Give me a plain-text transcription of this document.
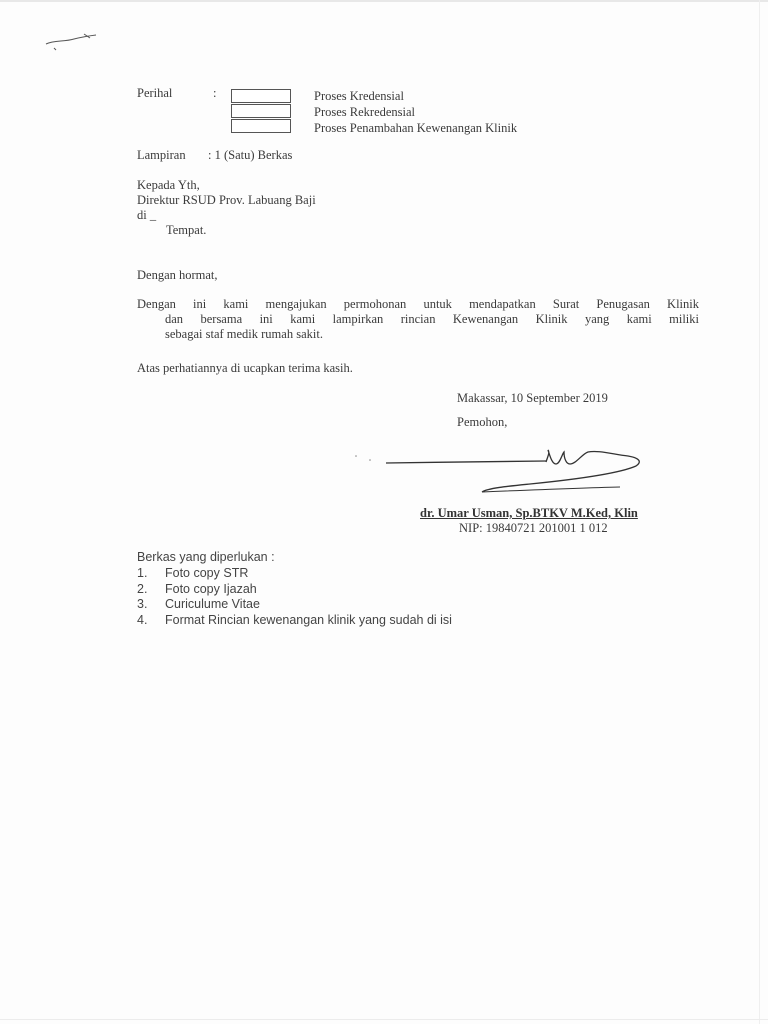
Perihal	:	Proses Kredensial
Proses Rekredensial
Proses Penambahan Kewenangan Klinik
Lampiran : 1 (Satu) Berkas
Kepada Yth,
Direktur RSUD Prov. Labuang Baji
di _
Tempat.
Dengan hormat,
Dengan ini kami mengajukan permohonan untuk mendapatkan Surat Penugasan Klinik
dan bersama ini kami lampirkan rincian Kewenangan Klinik yang kami miliki
sebagai staf medik rumah sakit.
Atas perhatiannya di ucapkan terima kasih.
Makassar, 10 September 2019
Pemohon,
dr. Umar Usman, Sp.BTKV M.Ked, Klin
NIP: 19840721 201001 1 012
Berkas yang diperlukan :
1.	Foto copy STR
2.	Foto copy Ijazah
3.	Curiculume Vitae
4.	Format Rincian kewenangan klinik yang sudah di isi
